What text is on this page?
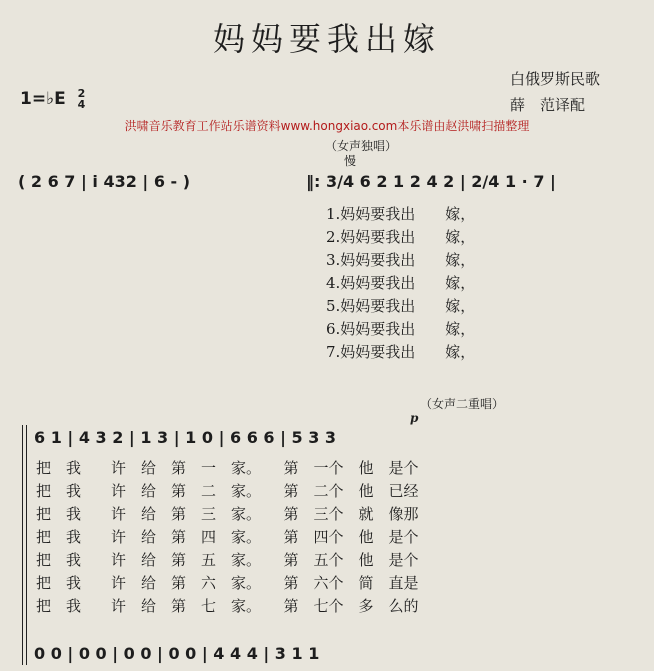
妈妈要我出嫁
1=♭E 2
4
白俄罗斯民歌
薛　范译配
洪啸音乐教育工作站乐谱资料www.hongxiao.com本乐谱由赵洪啸扫描整理
（女声独唱）
慢
( 2 6 7 | i 432 | 6 - )	‖: 3/4 6 2 1 2 4 2 | 2/4 1 · 7 |
1.妈妈要我出　　嫁，
2.妈妈要我出　　嫁，
3.妈妈要我出　　嫁，
4.妈妈要我出　　嫁，
5.妈妈要我出　　嫁，
6.妈妈要我出　　嫁，
7.妈妈要我出　　嫁，
（女声二重唱）
p
6 1 | 4 3 2 | 1 3 | 1 0 | 6 6 6 | 5 3 3
把　我　　许　给　第　一　家。　　第　一个　他　是个
把　我　　许　给　第　二　家。　　第　二个　他　已经
把　我　　许　给　第　三　家。　　第　三个　就　像那
把　我　　许　给　第　四　家。　　第　四个　他　是个
把　我　　许　给　第　五　家。　　第　五个　他　是个
把　我　　许　给　第　六　家。　　第　六个　简　直是
把　我　　许　给　第　七　家。　　第　七个　多　么的
0 0 | 0 0 | 0 0 | 0 0 | 4 4 4 | 3 1 1
